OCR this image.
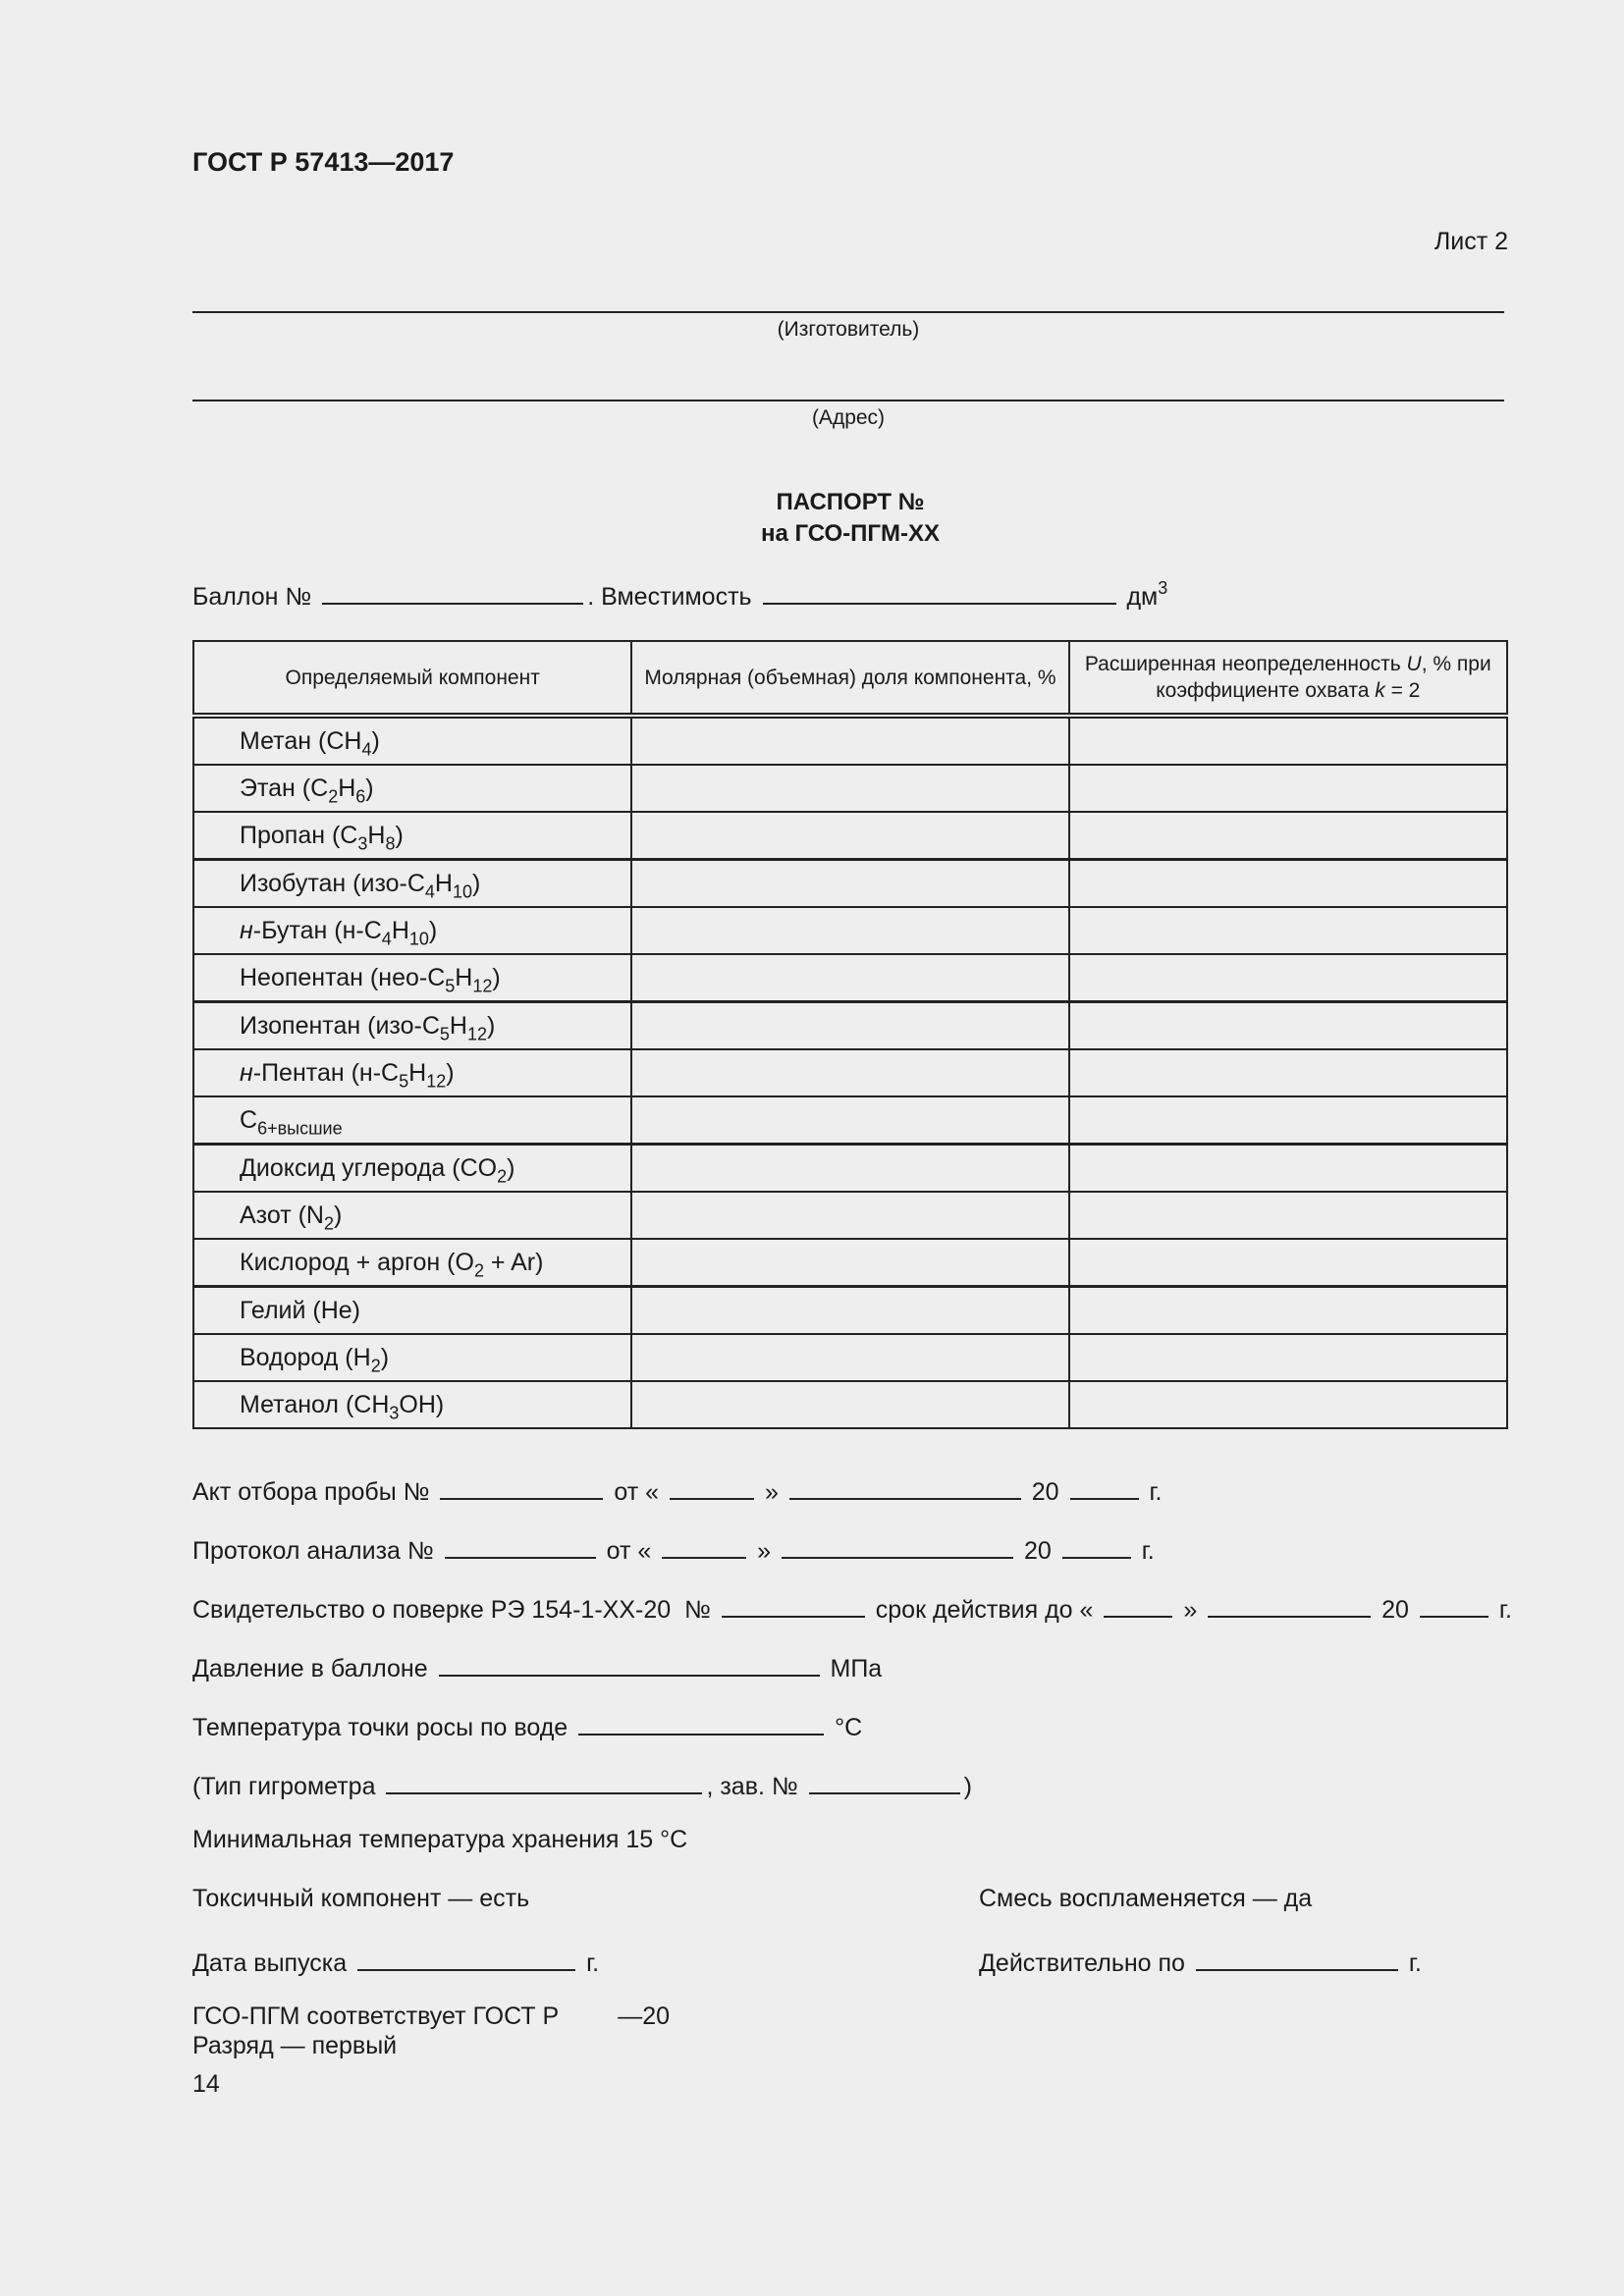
ГОСТ Р 57413—2017
Лист 2
(Изготовитель)
(Адрес)
ПАСПОРТ №
на ГСО-ПГМ-ХХ
Баллон №	. Вместимость	$дм^3$
Определяемый компонент	Молярная (объемная) доля компонента, %	Расширенная неопределенность U, % при коэффициенте охвата k = 2
Метан $(CH_4)$		
Этан $(C_2H_6)$		
Пропан $(C_3H_8)$		
Изобутан $(изо-C_4H_{10})$		
н-Бутан $(н-C_4H_{10})$		
Неопентан $(нео-C_5H_{12})$		
Изопентан $(изо-C_5H_{12})$		
н-Пентан $(н-C_5H_{12})$		
$C_{6+высшие}$		
Диоксид углерода $(CO_2)$		
Азот $(N_2)$		
Кислород + аргон $(O_2 + Ar)$		
Гелий (He)		
Водород $(H_2)$		
Метанол $(CH_3OH)$		
Акт отбора пробы №	от «	»	20	г.
Протокол анализа №	от «	»	20	г.
Свидетельство о поверке РЭ 154-1-ХХ-20 №	срок действия до «	»	20	г.
Давление в баллоне	МПа
Температура точки росы по воде	°С
(Тип гигрометра	, зав. №	)
Минимальная температура хранения 15 °С
Токсичный компонент — есть	Смесь воспламеняется — да
Дата выпуска	г.	Действительно по	г.
ГСО-ПГМ соответствует ГОСТ Р —20
Разряд — первый
14
